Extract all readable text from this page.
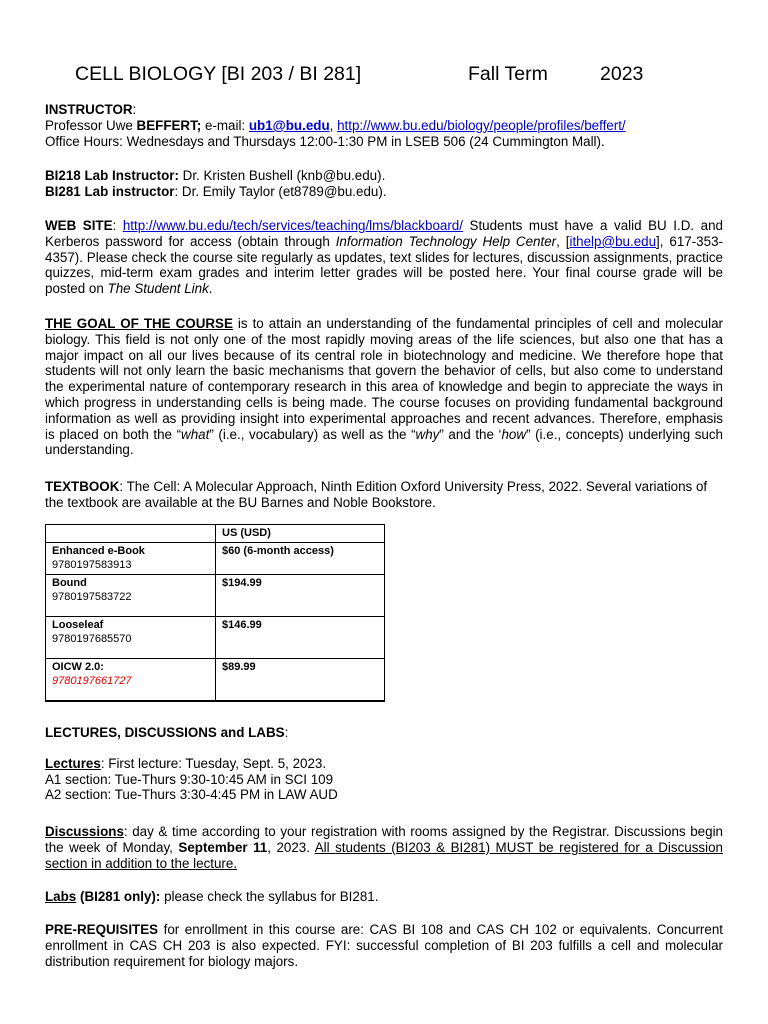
CELL BIOLOGY [BI 203 / BI 281]	Fall Term	2023
INSTRUCTOR:
Professor Uwe BEFFERT; e-mail: ub1@bu.edu, http://www.bu.edu/biology/people/profiles/beffert/
Office Hours: Wednesdays and Thursdays 12:00-1:30 PM in LSEB 506 (24 Cummington Mall).
BI218 Lab Instructor: Dr. Kristen Bushell (knb@bu.edu).
BI281 Lab instructor: Dr. Emily Taylor (et8789@bu.edu).
WEB SITE: http://www.bu.edu/tech/services/teaching/lms/blackboard/ Students must have a valid BU I.D. and Kerberos password for access (obtain through Information Technology Help Center, [ithelp@bu.edu], 617-353-4357). Please check the course site regularly as updates, text slides for lectures, discussion assignments, practice quizzes, mid-term exam grades and interim letter grades will be posted here. Your final course grade will be posted on The Student Link.
THE GOAL OF THE COURSE is to attain an understanding of the fundamental principles of cell and molecular biology. This field is not only one of the most rapidly moving areas of the life sciences, but also one that has a major impact on all our lives because of its central role in biotechnology and medicine. We therefore hope that students will not only learn the basic mechanisms that govern the behavior of cells, but also come to understand the experimental nature of contemporary research in this area of knowledge and begin to appreciate the ways in which progress in understanding cells is being made. The course focuses on providing fundamental background information as well as providing insight into experimental approaches and recent advances. Therefore, emphasis is placed on both the “what” (i.e., vocabulary) as well as the “why” and the ‘how” (i.e., concepts) underlying such understanding.
TEXTBOOK: The Cell: A Molecular Approach, Ninth Edition Oxford University Press, 2022. Several variations of the textbook are available at the BU Barnes and Noble Bookstore.
	US (USD)
Enhanced e-Book
9780197583913	$60 (6-month access)
Bound
9780197583722	$194.99
Looseleaf
9780197685570	$146.99
OICW 2.0:
9780197661727	$89.99
LECTURES, DISCUSSIONS and LABS:
Lectures: First lecture: Tuesday, Sept. 5, 2023.
A1 section: Tue-Thurs 9:30-10:45 AM in SCI 109
A2 section: Tue-Thurs 3:30-4:45 PM in LAW AUD
Discussions: day & time according to your registration with rooms assigned by the Registrar. Discussions begin the week of Monday, September 11, 2023. All students (BI203 & BI281) MUST be registered for a Discussion section in addition to the lecture.
Labs (BI281 only): please check the syllabus for BI281.
PRE-REQUISITES for enrollment in this course are: CAS BI 108 and CAS CH 102 or equivalents. Concurrent enrollment in CAS CH 203 is also expected. FYI: successful completion of BI 203 fulfills a cell and molecular distribution requirement for biology majors.
